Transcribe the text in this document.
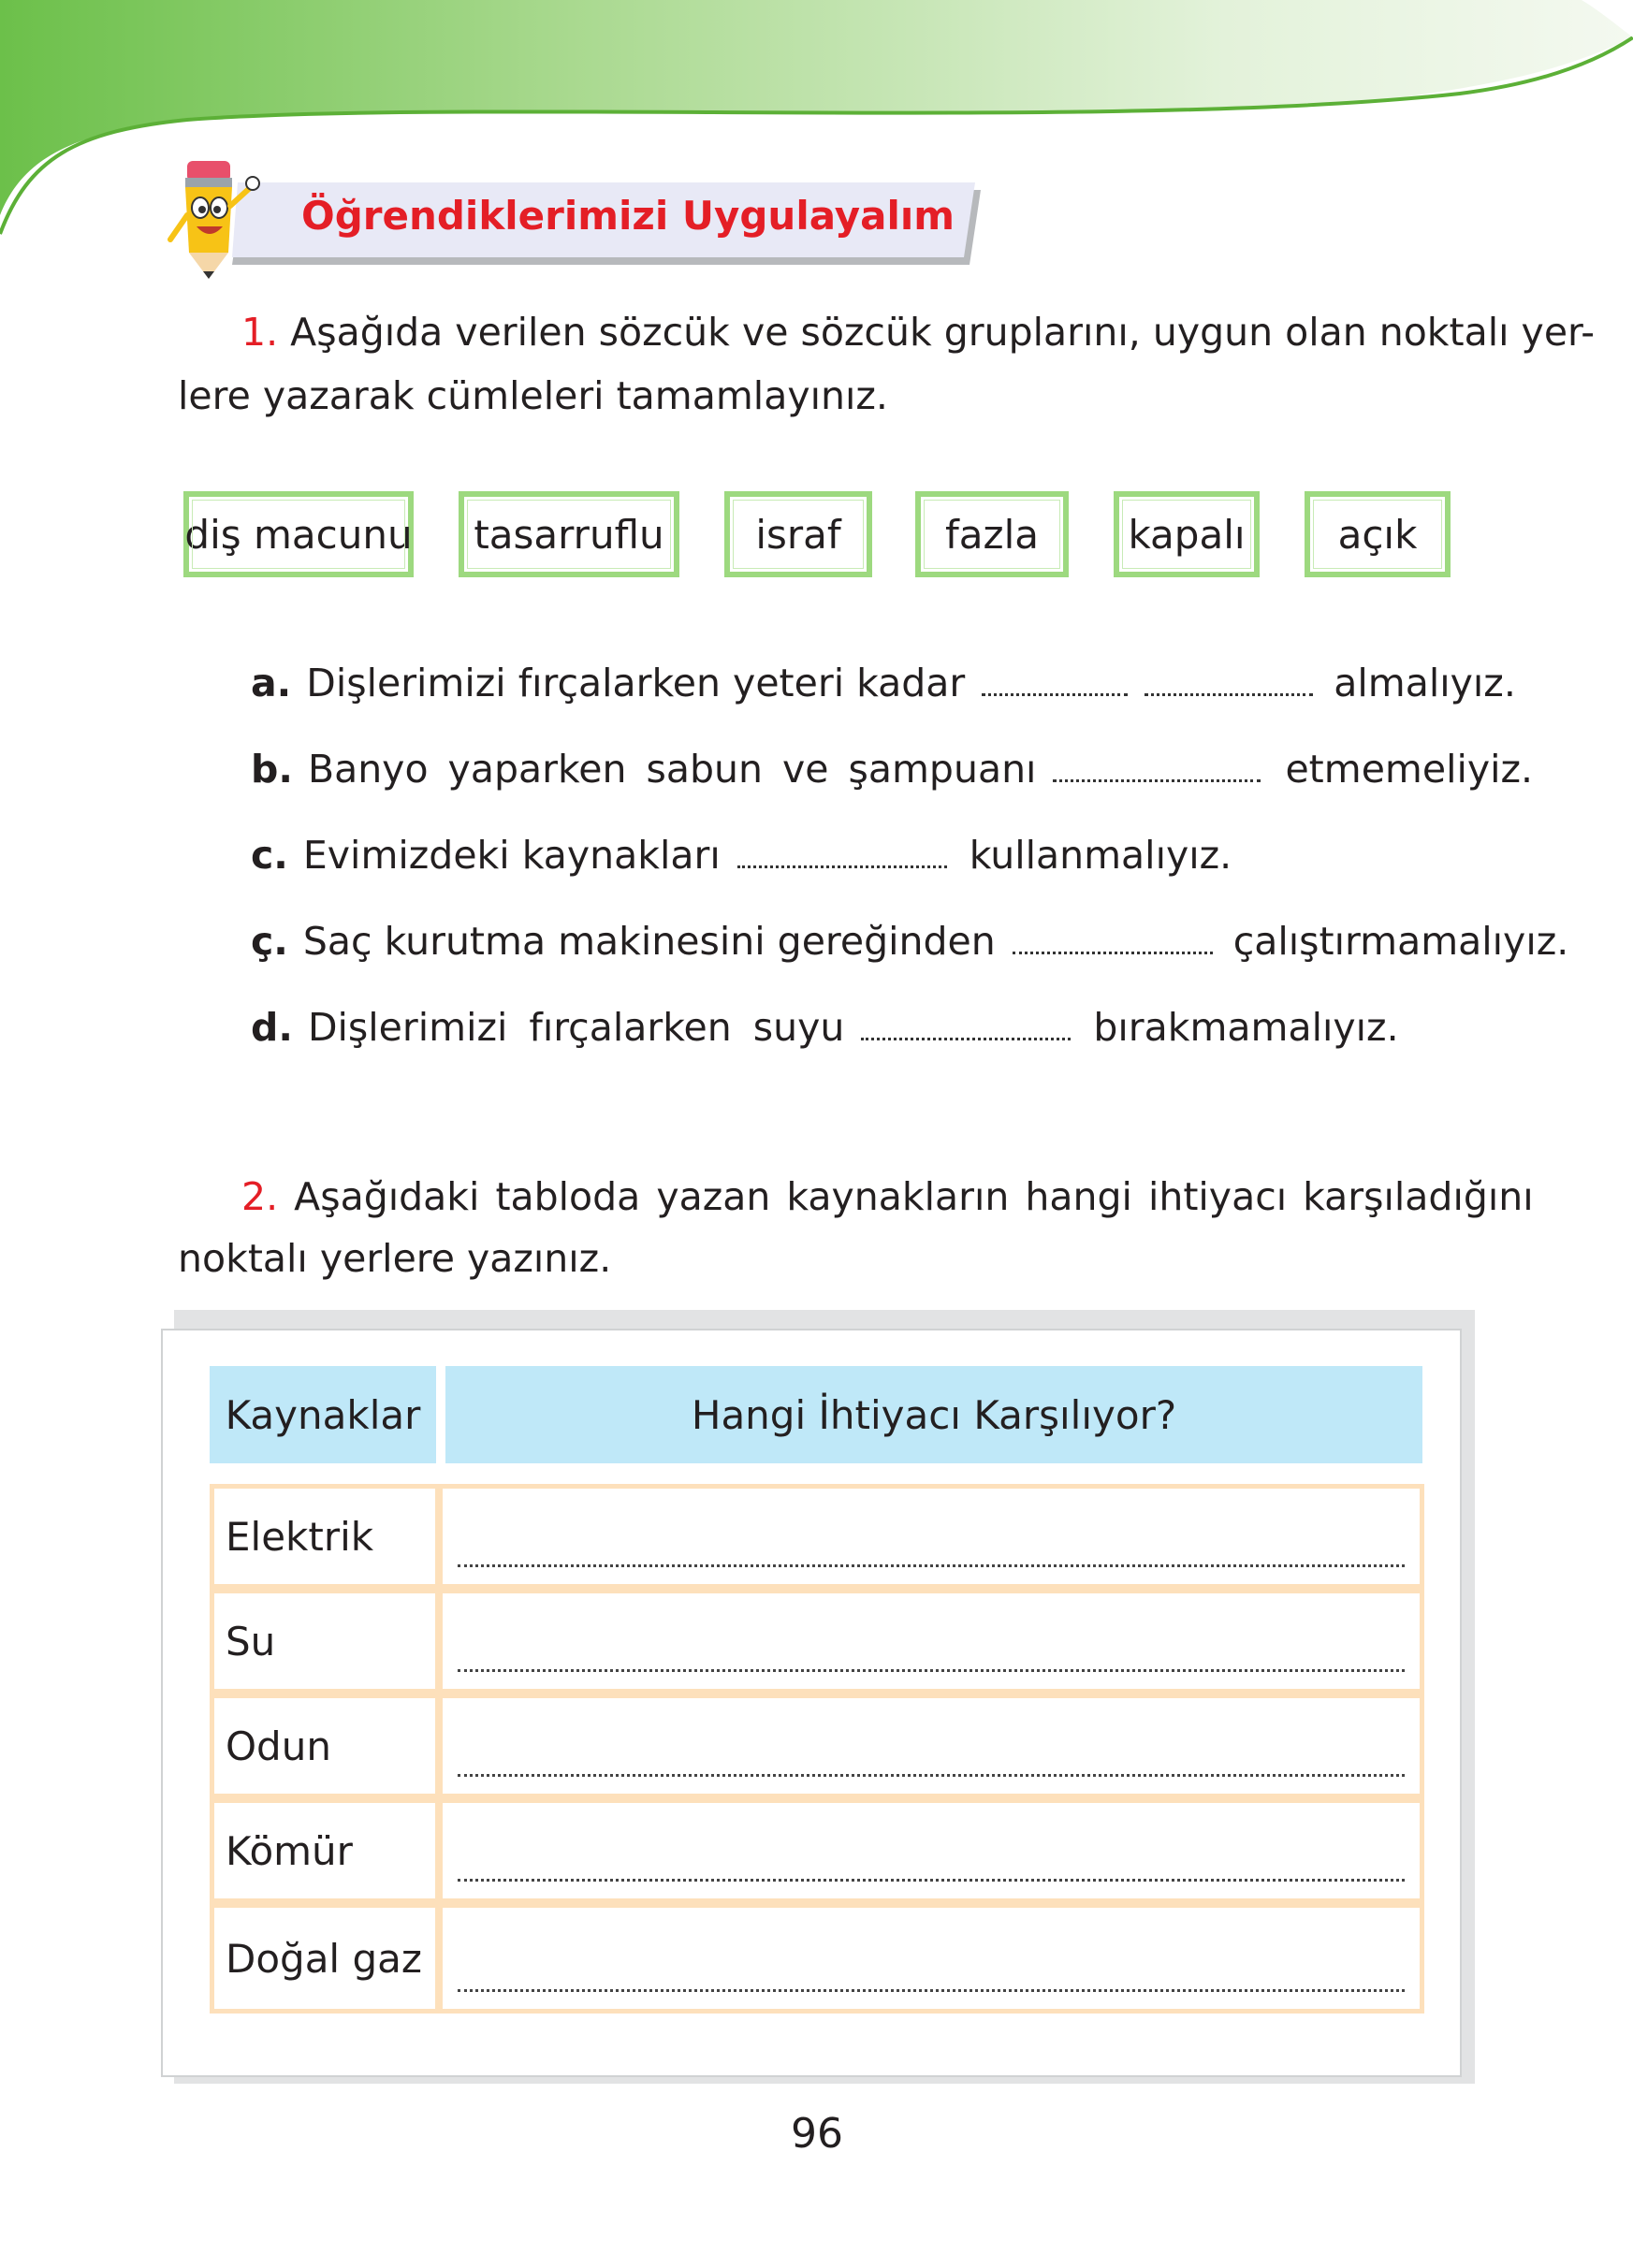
Öğrendiklerimizi Uygulayalım
1. Aşağıda verilen sözcük ve sözcük gruplarını, uygun olan noktalı yer-
lere yazarak cümleleri tamamlayınız.
diş macunu	tasarruflu	israf	fazla	kapalı	açık
a. Dişlerimizi fırçalarken yeteri kadar	almalıyız.
b. Banyo yaparken sabun ve şampuanı	etmemeliyiz.
c. Evimizdeki kaynakları	kullanmalıyız.
ç. Saç kurutma makinesini gereğinden	çalıştırmamalıyız.
d. Dişlerimizi fırçalarken suyu	bırakmamalıyız.
2. Aşağıdaki tabloda yazan kaynakların hangi ihtiyacı karşıladığını
noktalı yerlere yazınız.
Kaynaklar	Hangi İhtiyacı Karşılıyor?
Elektrik
Su
Odun
Kömür
Doğal gaz
96
